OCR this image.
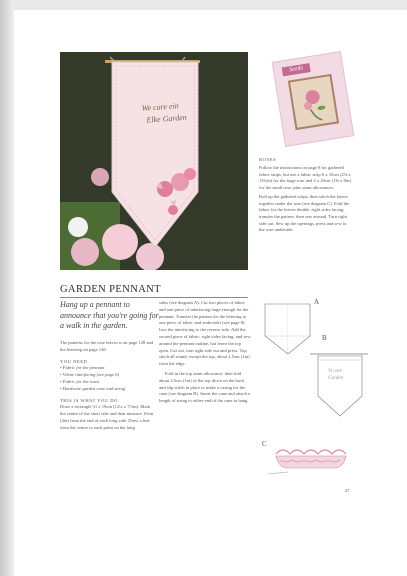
We care ein
Elke Garden
Seeds
ROSES

Follow the instructions on page 8 for gathered fabric strips, but use a fabric strip 6 x 35cm (2⅜ x 13¾in) for the large rose and 4 x 20cm (1⅝ x 8in) for the small rose, plus seam allowances.

Roll up the gathered strips, then stitch the layers together under the rose (see diagram C). Fold the fabric for the leaves double, right sides facing, transfer the pattern, then sew around. Turn right side out. Sew up the openings, press and sew to the rose underside.

GARDEN PENNANT
Hang up a pennant to announce that you're going for a walk in the garden.

The patterns for the rose leaves is on page 128 and the lettering on page 148.

YOU NEED

• Fabric for the pennant
• Vilene interfacing (see page 6)
• Fabric for the roses
• Hardware garden cane and string

THIS IS WHAT YOU DO

Draw a rectangle 31 x 19cm (12¼ x 7½in). Mark the centre of the short side and then measure 10cm (4in) from the end of each long side. Draw a line from the centre to each point on the long

sides (see diagram A). Cut two pieces of fabric and one piece of interfacing large enough for the pennant. Transfer the pattern for the lettering to one piece of fabric and embroider (see page 8). Iron the interfacing to the reverse side. Add the second piece of fabric, right sides facing, and sew around the pennant outline, but leave the top open. Cut out, turn right side out and press. Top stitch all round, except the top, about 2.5cm (1in) from the edge.

Fold in the top seam allowance, then fold about 2.5cm (1in) of the top down on the back and slip stitch in place to make a casing for the cane (see diagram B). Insert the cane and attach a length of string to either end of the cane to hang.

A
B
C
Vi care
Garden
27
